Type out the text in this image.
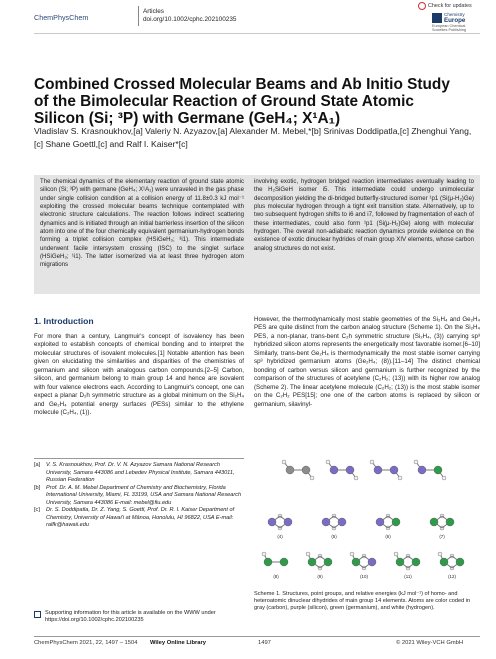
ChemPhysChem
Articles
doi.org/10.1002/cphc.202100235
Check for updates
Chemistry
Europe
European Chemical Societies Publishing
Combined Crossed Molecular Beams and Ab Initio Study of the Bimolecular Reaction of Ground State Atomic Silicon (Si; ³P) with Germane (GeH₄; X¹A₁)
Vladislav S. Krasnoukhov,[a] Valeriy N. Azyazov,[a] Alexander M. Mebel,*[b] Srinivas Doddipatla,[c] Zhenghui Yang,[c] Shane Goettl,[c] and Ralf I. Kaiser*[c]
The chemical dynamics of the elementary reaction of ground state atomic silicon (Si; ³P) with germane (GeH₄; X¹A₁) were unraveled in the gas phase under single collision condition at a collision energy of 11.8±0.3 kJ mol⁻¹ exploiting the crossed molecular beams technique contemplated with electronic structure calculations. The reaction follows indirect scattering dynamics and is initiated through an initial barrierless insertion of the silicon atom into one of the four chemically equivalent germanium-hydrogen bonds forming a triplet collision complex (HSiGeH₃; ³i1). This intermediate underwent facile intersystem crossing (ISC) to the singlet surface (HSiGeH₃; ¹i1). The latter isomerized via at least three hydrogen atom migrations
involving exotic, hydrogen bridged reaction intermediates eventually leading to the H₂SiGeH isomer i5. This intermediate could undergo unimolecular decomposition yielding the di-bridged butterfly-structured isomer ¹p1 (Si(μ-H₂)Ge) plus molecular hydrogen through a tight exit transition state. Alternatively, up to two subsequent hydrogen shifts to i6 and i7, followed by fragmentation of each of these intermediates, could also form ¹p1 (Si(μ-H₂)Ge) along with molecular hydrogen. The overall non-adiabatic reaction dynamics provide evidence on the existence of exotic dinuclear hydrides of main group XIV elements, whose carbon analog structures do not exist.
1. Introduction
For more than a century, Langmuir's concept of isovalency has been exploited to establish concepts of chemical bonding and to interpret the molecular structures of isovalent molecules.[1] Notable attention has been given on elucidating the similarities and disparities of the chemistries of germanium and silicon with analogous carbon compounds.[2–5] Carbon, silicon, and germanium belong to main group 14 and hence are isovalent with four valence electrons each. According to Langmuir's concept, one can expect a planar D₂h symmetric structure as a global minimum on the Si₂H₄ and Ge₂H₄ potential energy surfaces (PESs) similar to the ethylene molecule (C₂H₄, (1)).
However, the thermodynamically most stable geometries of the Si₂H₄ and Ge₂H₄ PES are quite distinct from the carbon analog structure (Scheme 1). On the Si₂H₄ PES, a non-planar, trans-bent C₂h symmetric structure (Si₂H₄, (3)) carrying sp³ hybridized silicon atoms represents the energetically most favorable isomer.[6–10] Similarly, trans-bent Ge₂H₄ is thermodynamically the most stable isomer carrying sp³ hybridized germanium atoms (Ge₂H₄; (8)).[11–14] The distinct chemical bonding of carbon versus silicon and germanium is further recognized by the comparison of the structures of acetylene (C₂H₂; (13)) with its higher row analog (Scheme 2). The linear acetylene molecule (C₂H₂; (13)) is the most stable isomer on the C₂H₂ PES[15]; one one of the carbon atoms is replaced by silicon or germanium, silavinyl-
[a]	V. S. Krasnoukhov, Prof. Dr. V. N. Azyazov Samara National Research University, Samara 443086 and Lebedev Physical Institute, Samara 443011, Russian Federation
[b]	Prof. Dr. A. M. Mebel Department of Chemistry and Biochemistry, Florida International University, Miami, FL 33199, USA and Samara National Research University, Samara 443086 E-mail: mebel@fiu.edu
[c]	Dr. S. Doddipatla, Dr. Z. Yang, S. Goettl, Prof. Dr. R. I. Kaiser Department of Chemistry, University of Hawai'i at Mānoa, Honolulu, HI 96822, USA E-mail: ralfk@hawaii.edu
Supporting information for this article is available on the WWW under https://doi.org/10.1002/cphc.202100235
(4)	(5)	(6)	(7)
(8)	(9)	(10)	(11)	(12)
Scheme 1. Structures, point groups, and relative energies (kJ mol⁻¹) of homo- and heteroatomic dinuclear dihydrides of main group 14 elements. Atoms are color coded in gray (carbon), purple (silicon), green (germanium), and white (hydrogen).
ChemPhysChem 2021, 22, 1497 – 1504 Wiley Online Library	1497	© 2021 Wiley-VCH GmbH
